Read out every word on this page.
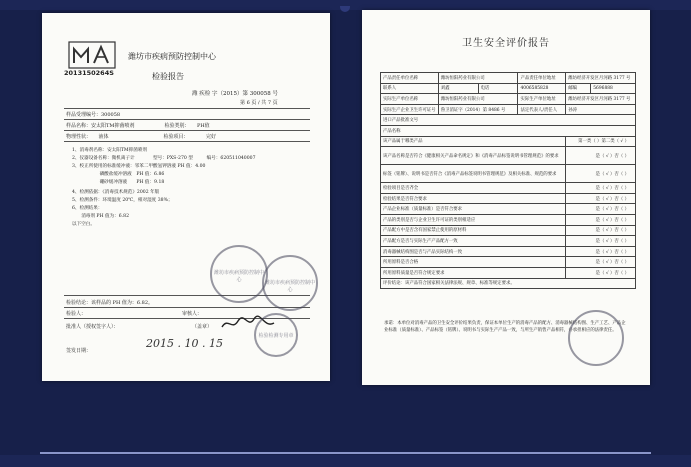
2013150264S
潍坊市疾病预防控制中心
检验报告
潍 疾检 字（2015）第 300058 号
第 6 页 / 共 7 页
样品受理编号：300058
样品名称：安太阳TM抑菌喷剂　　　　　　检验类别：　　PH值
物理性状：　　液体　　　　　　　　　　　检验项目：　　　　完好
1、消毒剂名称：安太阳TM抑菌喷剂
2、仪器设备名称：微机离子计　　　　型号：PXS-270 型　　　编号：620511040007
3、校正所使用的标准缓冲液：邻苯二甲酸氢钾溶液 PH 值：4.00
　　　　　　磷酸盐缓冲溶液　PH 值：6.86
　　　　　　硼砂缓冲溶液　　PH 值：9.18
4、检测依据：《消毒技术规范》2002 年版
5、检测条件：环境温度 20℃，相对湿度 38%；
6、检测结果：
　　消毒剂 PH 值为：6.82
以下空白。
检验结论：该样品的 PH 值为：6.82。
检验人：	审核人：
批准人（授权签字人）：	（盖章）
签发日期：
2015 . 10 . 15
潍坊市疾病预防控制中心	潍坊市疾病预防控制中心
检验检测专用章
卫生安全评价报告
产品责任单位名称	潍坊恒阳药业有限公司		产品责任单位地址	潍坊经济开发区月河路 3177 号	
联系人	刘鑫	电话	4006585828	邮编	5696888
实际生产单位名称	潍坊恒阳药业有限公司		实际生产单位地址	潍坊经济开发区月河路 3177 号	
实际生产企业卫生许可证号	鲁卫消证字（2014）第 8486 号		法定代表人/责任人	孙涛	
进口产品批准文号					
产品名称					
该产品属于哪类产品				第一类（ ）第二类（ √ ）	
该产品名称是否符合《健康相关产品命名规定》和《消毒产品标签说明书管理规范》的要求				是（ √ ）否（ ）	
标签（铭牌）、说明书是否符合《消毒产品标签说明书管理规范》及相关标准、规范的要求				是（ √ ）否（ ）	
检验项目是否齐全				是（ √ ）否（ ）	
检验结果是否符合要求				是（ √ ）否（ ）	
产品企业标准（质量标准）是否符合要求				是（ √ ）否（ ）	
产品的类别是否与企业卫生许可证的类别相适应				是（ √ ）否（ ）	
产品配方中是否含有国家禁止使用的原材料				是（ √ ）否（ ）	
产品配方是否与实际生产产品配方一致				是（ √ ）否（ ）	
消毒器械结构图是否与产品实际结构一致				是（ √ ）否（ ）	
所用原料是否合格				是（ √ ）否（ ）	
所用原料质量是否符合规定要求				是（ √ ）否（ ）	
评价结论：该产品符合国家相关法律法规、规章、标准等规定要求。					
承诺：本单位对消毒产品的卫生安全评价结果负责，保证本单位生产的消毒产品的配方、消毒器械结构图、生产工艺、产品企业标准（质量标准）、产品标签（铭牌）、说明书与实际生产产品一致，与所生产销售产品相符，并承担相应的法律责任。
